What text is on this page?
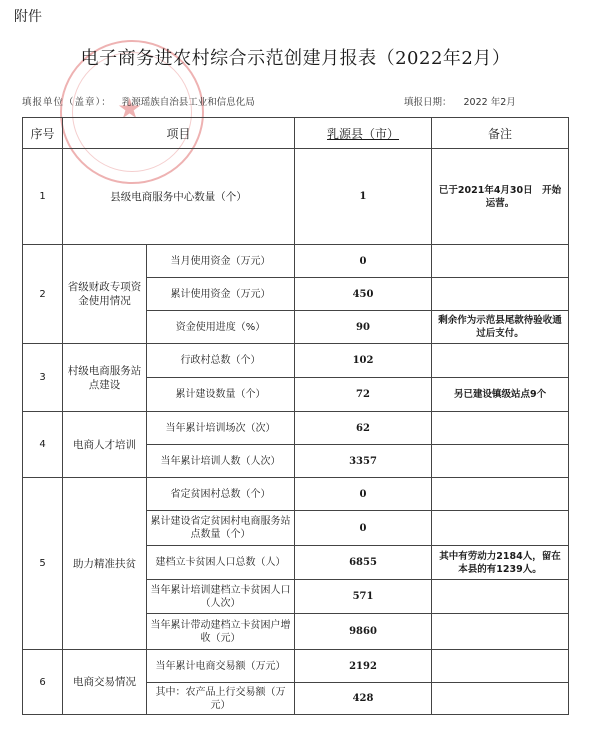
附件
★
电子商务进农村综合示范创建月报表（2022年2月）
填报单位（盖章）： 乳源瑶族自治县工业和信息化局	填报日期： 2022 年2月
序号	项目		乳源县（市）	备注
1	县级电商服务中心数量（个）		1	已于2021年4月30日　开始运营。
2	省级财政专项资金使用情况	当月使用资金（万元）	0	
		累计使用资金（万元）	450	
		资金使用进度（%）	90	剩余作为示范县尾款待验收通过后支付。
3	村级电商服务站点建设	行政村总数（个）	102	
		累计建设数量（个）	72	另已建设镇级站点9个
4	电商人才培训	当年累计培训场次（次）	62	
		当年累计培训人数（人次）	3357	
5	助力精准扶贫	省定贫困村总数（个）	0	
		累计建设省定贫困村电商服务站点数量（个）	0	
		建档立卡贫困人口总数（人）	6855	其中有劳动力2184人，留在本县的有1239人。
		当年累计培训建档立卡贫困人口（人次）	571	
		当年累计带动建档立卡贫困户增收（元）	9860	
6	电商交易情况	当年累计电商交易额（万元）	2192	
		其中：农产品上行交易额（万元）	428	
